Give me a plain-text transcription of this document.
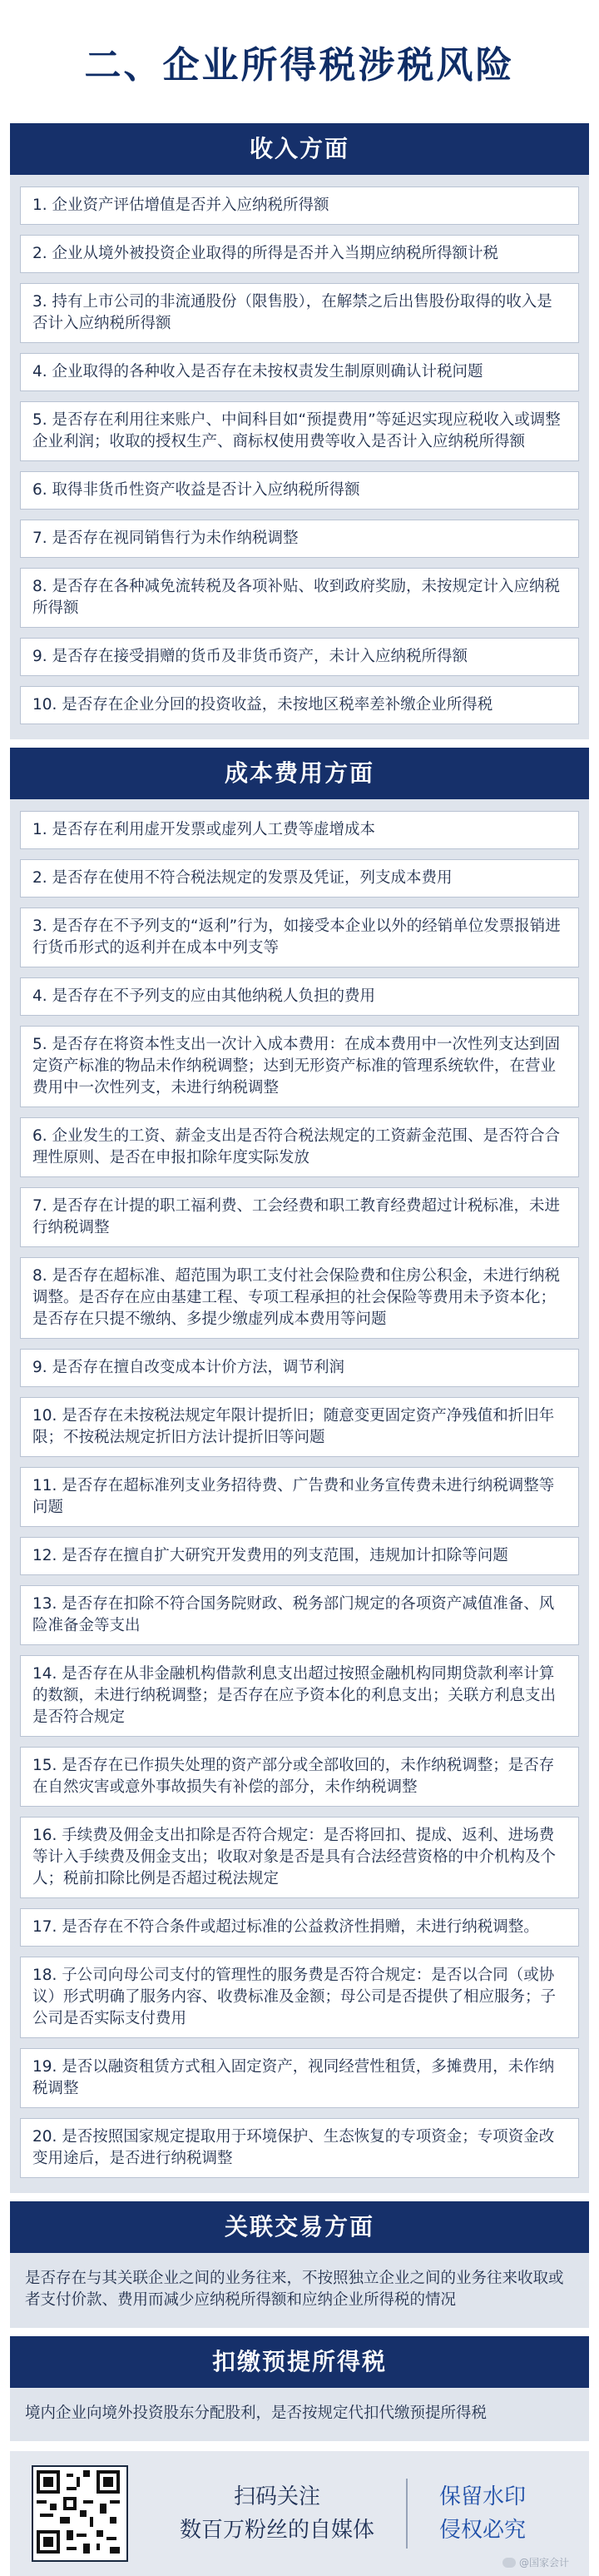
二、企业所得税涉税风险
收入方面
1. 企业资产评估增值是否并入应纳税所得额
2. 企业从境外被投资企业取得的所得是否并入当期应纳税所得额计税
3. 持有上市公司的非流通股份（限售股），在解禁之后出售股份取得的收入是否计入应纳税所得额
4. 企业取得的各种收入是否存在未按权责发生制原则确认计税问题
5. 是否存在利用往来账户、中间科目如“预提费用”等延迟实现应税收入或调整企业利润；收取的授权生产、商标权使用费等收入是否计入应纳税所得额
6. 取得非货币性资产收益是否计入应纳税所得额
7. 是否存在视同销售行为未作纳税调整
8. 是否存在各种减免流转税及各项补贴、收到政府奖励，未按规定计入应纳税所得额
9. 是否存在接受捐赠的货币及非货币资产，未计入应纳税所得额
10. 是否存在企业分回的投资收益，未按地区税率差补缴企业所得税
成本费用方面
1. 是否存在利用虚开发票或虚列人工费等虚增成本
2. 是否存在使用不符合税法规定的发票及凭证，列支成本费用
3. 是否存在不予列支的“返利”行为，如接受本企业以外的经销单位发票报销进行货币形式的返利并在成本中列支等
4. 是否存在不予列支的应由其他纳税人负担的费用
5. 是否存在将资本性支出一次计入成本费用：在成本费用中一次性列支达到固定资产标准的物品未作纳税调整；达到无形资产标准的管理系统软件，在营业费用中一次性列支，未进行纳税调整
6. 企业发生的工资、薪金支出是否符合税法规定的工资薪金范围、是否符合合理性原则、是否在申报扣除年度实际发放
7. 是否存在计提的职工福利费、工会经费和职工教育经费超过计税标准，未进行纳税调整
8. 是否存在超标准、超范围为职工支付社会保险费和住房公积金，未进行纳税调整。是否存在应由基建工程、专项工程承担的社会保险等费用未予资本化；是否存在只提不缴纳、多提少缴虚列成本费用等问题
9. 是否存在擅自改变成本计价方法，调节利润
10. 是否存在未按税法规定年限计提折旧；随意变更固定资产净残值和折旧年限；不按税法规定折旧方法计提折旧等问题
11. 是否存在超标准列支业务招待费、广告费和业务宣传费未进行纳税调整等问题
12. 是否存在擅自扩大研究开发费用的列支范围，违规加计扣除等问题
13. 是否存在扣除不符合国务院财政、税务部门规定的各项资产减值准备、风险准备金等支出
14. 是否存在从非金融机构借款利息支出超过按照金融机构同期贷款利率计算的数额，未进行纳税调整；是否存在应予资本化的利息支出；关联方利息支出是否符合规定
15. 是否存在已作损失处理的资产部分或全部收回的，未作纳税调整；是否存在自然灾害或意外事故损失有补偿的部分，未作纳税调整
16. 手续费及佣金支出扣除是否符合规定：是否将回扣、提成、返利、进场费等计入手续费及佣金支出；收取对象是否是具有合法经营资格的中介机构及个人；税前扣除比例是否超过税法规定
17. 是否存在不符合条件或超过标准的公益救济性捐赠，未进行纳税调整。
18. 子公司向母公司支付的管理性的服务费是否符合规定：是否以合同（或协议）形式明确了服务内容、收费标准及金额；母公司是否提供了相应服务；子公司是否实际支付费用
19. 是否以融资租赁方式租入固定资产，视同经营性租赁，多摊费用，未作纳税调整
20. 是否按照国家规定提取用于环境保护、生态恢复的专项资金；专项资金改变用途后，是否进行纳税调整
关联交易方面
是否存在与其关联企业之间的业务往来，不按照独立企业之间的业务往来收取或者支付价款、费用而减少应纳税所得额和应纳企业所得税的情况
扣缴预提所得税
境内企业向境外投资股东分配股利，是否按规定代扣代缴预提所得税
扫码关注
数百万粉丝的自媒体
保留水印
侵权必究
@国家会计
